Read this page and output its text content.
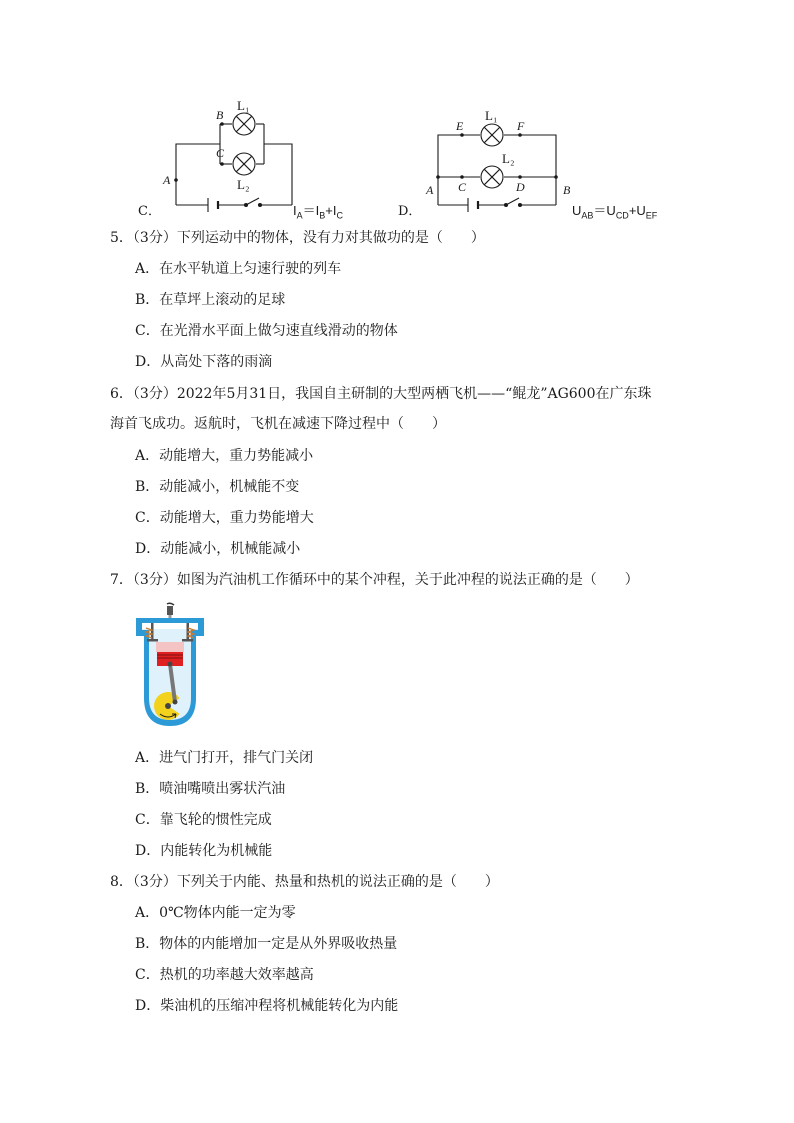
C．
B
C
A
L₁
L₂
$I_A=I_B+I_C$	D．
E	F
A C	D	B
L₁
L₂
$U_{AB}=U_{CD}+U_{EF}$
5．（3分）下列运动中的物体，没有力对其做功的是（　　）
A．在水平轨道上匀速行驶的列车
B．在草坪上滚动的足球
C．在光滑水平面上做匀速直线滑动的物体
D．从高处下落的雨滴
6．（3分）2022年5月31日，我国自主研制的大型两栖飞机——“鲲龙”AG600在广东珠
海首飞成功。返航时，飞机在减速下降过程中（　　）
A．动能增大，重力势能减小
B．动能减小，机械能不变
C．动能增大，重力势能增大
D．动能减小，机械能减小
7．（3分）如图为汽油机工作循环中的某个冲程，关于此冲程的说法正确的是（　　）
A．进气门打开，排气门关闭
B．喷油嘴喷出雾状汽油
C．靠飞轮的惯性完成
D．内能转化为机械能
8．（3分）下列关于内能、热量和热机的说法正确的是（　　）
A．0℃物体内能一定为零
B．物体的内能增加一定是从外界吸收热量
C．热机的功率越大效率越高
D．柴油机的压缩冲程将机械能转化为内能
